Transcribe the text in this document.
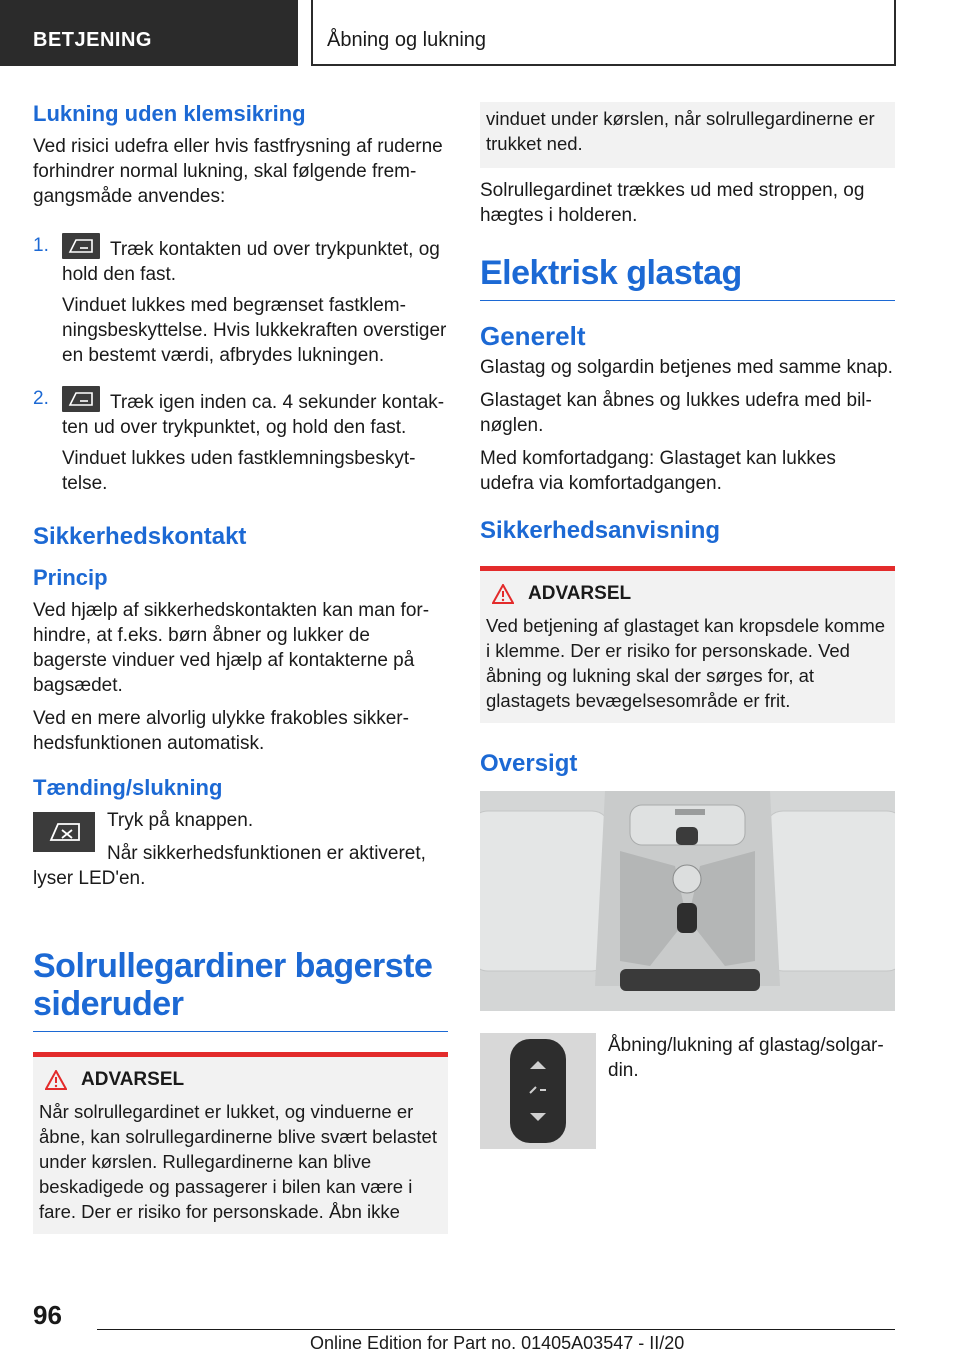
BETJENING	Åbning og lukning
Lukning uden klemsikring

Ved risici udefra eller hvis fastfrysning af ruderne forhindrer normal lukning, skal følgende fremgangsmåde anvendes:

1.	Træk kontakten ud over trykpunktet, og hold den fast.

Vinduet lukkes med begrænset fastklemningsbeskyttelse. Hvis lukkekraften overstiger en bestemt værdi, afbrydes lukningen.

2.	Træk igen inden ca. 4 sekunder kontakten ud over trykpunktet, og hold den fast.

Vinduet lukkes uden fastklemningsbeskyttelse.

Sikkerhedskontakt
Princip

Ved hjælp af sikkerhedskontakten kan man forhindre, at f.eks. børn åbner og lukker de bagerste vinduer ved hjælp af kontakterne på bagsædet.

Ved en mere alvorlig ulykke frakobles sikkerhedsfunktionen automatisk.

Tænding/slukning

Tryk på knappen.

Når sikkerhedsfunktionen er aktiveret, lyser LED'en.

Solrullegardiner bagerste sideruder
ADVARSEL

Når solrullegardinet er lukket, og vinduerne er åbne, kan solrullegardinerne blive svært belastet under kørslen. Rullegardinerne kan blive beskadigede og passagerer i bilen kan være i fare. Der er risiko for personskade. Åbn ikke

vinduet under kørslen, når solrullegardinerne er trukket ned.

Solrullegardinet trækkes ud med stroppen, og hægtes i holderen.

Elektrisk glastag
Generelt

Glastag og solgardin betjenes med samme knap.

Glastaget kan åbnes og lukkes udefra med bilnøglen.

Med komfortadgang: Glastaget kan lukkes udefra via komfortadgangen.

Sikkerhedsanvisning
ADVARSEL

Ved betjening af glastaget kan kropsdele komme i klemme. Der er risiko for personskade. Ved åbning og lukning skal der sørges for, at glastagets bevægelsesområde er frit.

Oversigt

Åbning/lukning af glastag/solgardin.

96
Online Edition for Part no. 01405A03547 - II/20
